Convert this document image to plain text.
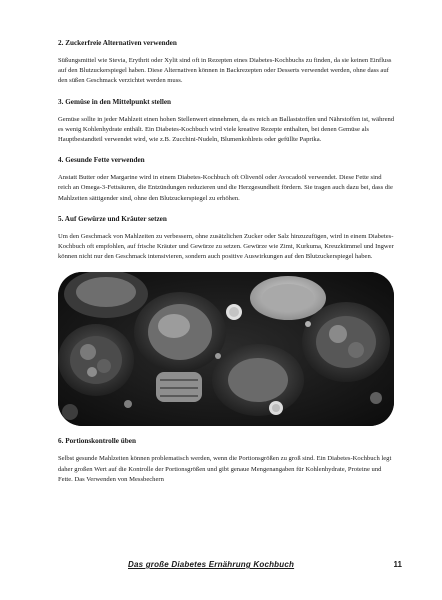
2. Zuckerfreie Alternativen verwenden

Süßungsmittel wie Stevia, Erythrit oder Xylit sind oft in Rezepten eines Diabetes-Kochbuchs zu finden, da sie keinen Einfluss auf den Blutzuckerspiegel haben. Diese Alternativen können in Backrezepten oder Desserts verwendet werden, ohne dass auf den süßen Geschmack verzichtet werden muss.

3. Gemüse in den Mittelpunkt stellen

Gemüse sollte in jeder Mahlzeit einen hohen Stellenwert einnehmen, da es reich an Ballaststoffen und Nährstoffen ist, während es wenig Kohlenhydrate enthält. Ein Diabetes-Kochbuch wird viele kreative Rezepte enthalten, bei denen Gemüse als Hauptbestandteil verwendet wird, wie z.B. Zucchini-Nudeln, Blumenkohlreis oder gefüllte Paprika.

4. Gesunde Fette verwenden

Anstatt Butter oder Margarine wird in einem Diabetes-Kochbuch oft Olivenöl oder Avocadoöl verwendet. Diese Fette sind reich an Omega-3-Fettsäuren, die Entzündungen reduzieren und die Herzgesundheit fördern. Sie tragen auch dazu bei, dass die Mahlzeiten sättigender sind, ohne den Blutzuckerspiegel zu erhöhen.

5. Auf Gewürze und Kräuter setzen

Um den Geschmack von Mahlzeiten zu verbessern, ohne zusätzlichen Zucker oder Salz hinzuzufügen, wird in einem Diabetes-Kochbuch oft empfohlen, auf frische Kräuter und Gewürze zu setzen. Gewürze wie Zimt, Kurkuma, Kreuzkümmel und Ingwer können nicht nur den Geschmack intensivieren, sondern auch positive Auswirkungen auf den Blutzuckerspiegel haben.

6. Portionskontrolle üben

Selbst gesunde Mahlzeiten können problematisch werden, wenn die Portionsgrößen zu groß sind. Ein Diabetes-Kochbuch legt daher großen Wert auf die Kontrolle der Portionsgrößen und gibt genaue Mengenangaben für Kohlenhydrate, Proteine und Fette. Das Verwenden von Messbechern

Das große Diabetes Ernährung Kochbuch	11
